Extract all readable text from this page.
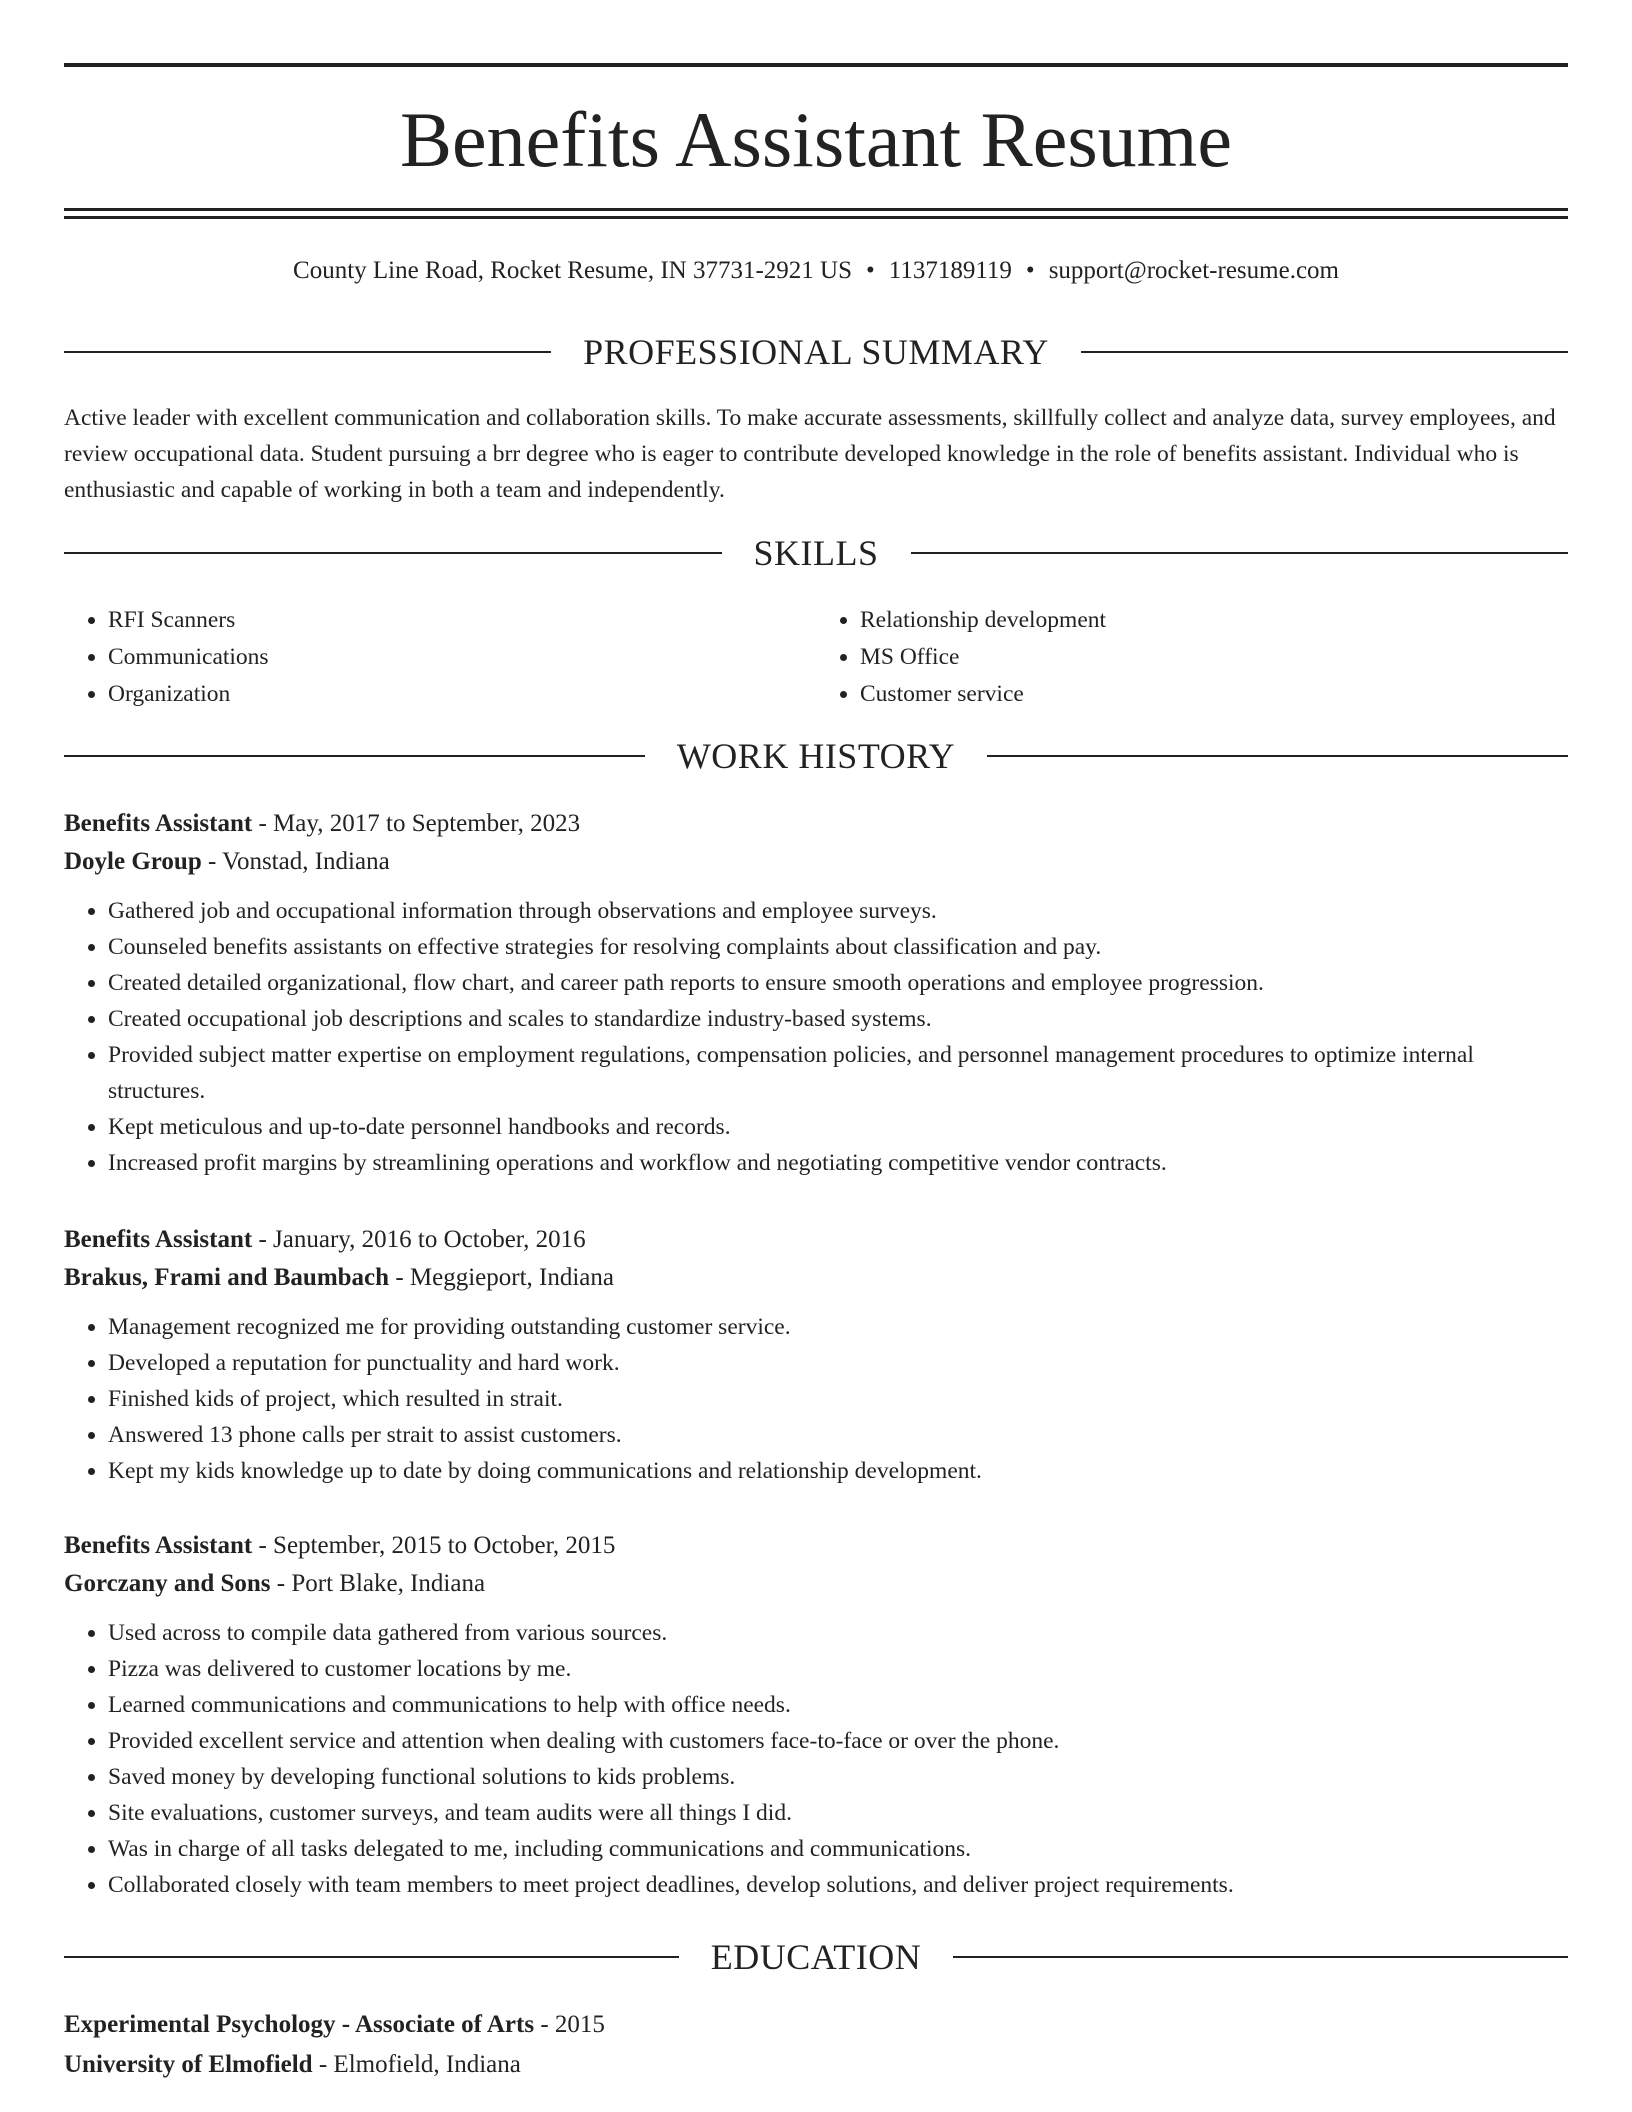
Benefits Assistant Resume
County Line Road, Rocket Resume, IN 37731-2921 US • 1137189119 • support@rocket-resume.com
PROFESSIONAL SUMMARY

Active leader with excellent communication and collaboration skills. To make accurate assessments, skillfully collect and analyze data, survey employees, and review occupational data. Student pursuing a brr degree who is eager to contribute developed knowledge in the role of benefits assistant. Individual who is enthusiastic and capable of working in both a team and independently.

SKILLS
• RFI Scanners
• Communications
• Organization
• Relationship development
• MS Office
• Customer service
WORK HISTORY
Benefits Assistant - May, 2017 to September, 2023
Doyle Group - Vonstad, Indiana
• Gathered job and occupational information through observations and employee surveys.
• Counseled benefits assistants on effective strategies for resolving complaints about classification and pay.
• Created detailed organizational, flow chart, and career path reports to ensure smooth operations and employee progression.
• Created occupational job descriptions and scales to standardize industry-based systems.
• Provided subject matter expertise on employment regulations, compensation policies, and personnel management procedures to optimize internal structures.
• Kept meticulous and up-to-date personnel handbooks and records.
• Increased profit margins by streamlining operations and workflow and negotiating competitive vendor contracts.
Benefits Assistant - January, 2016 to October, 2016
Brakus, Frami and Baumbach - Meggieport, Indiana
• Management recognized me for providing outstanding customer service.
• Developed a reputation for punctuality and hard work.
• Finished kids of project, which resulted in strait.
• Answered 13 phone calls per strait to assist customers.
• Kept my kids knowledge up to date by doing communications and relationship development.
Benefits Assistant - September, 2015 to October, 2015
Gorczany and Sons - Port Blake, Indiana
• Used across to compile data gathered from various sources.
• Pizza was delivered to customer locations by me.
• Learned communications and communications to help with office needs.
• Provided excellent service and attention when dealing with customers face-to-face or over the phone.
• Saved money by developing functional solutions to kids problems.
• Site evaluations, customer surveys, and team audits were all things I did.
• Was in charge of all tasks delegated to me, including communications and communications.
• Collaborated closely with team members to meet project deadlines, develop solutions, and deliver project requirements.
EDUCATION
Experimental Psychology - Associate of Arts - 2015
University of Elmofield - Elmofield, Indiana
